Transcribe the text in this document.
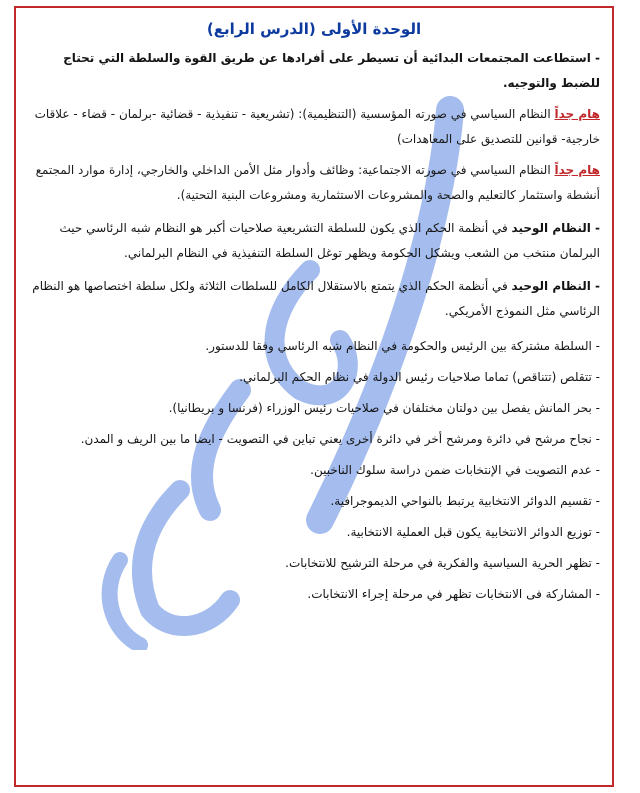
الوحدة الأولى (الدرس الرابع)

- استطاعت المجتمعات البدائية أن تسيطر على أفرادها عن طريق القوة والسلطة التي تحتاج للضبط والتوجيه.

هام جداً النظام السياسي في صورته المؤسسية (التنظيمية): (تشريعية - تنفيذية - قضائية -برلمان - قضاء - علاقات خارجية- قوانين للتصديق على المعاهدات)

هام جداً النظام السياسي في صورته الاجتماعية: وظائف وأدوار مثل الأمن الداخلي والخارجي، إدارة موارد المجتمع أنشطة واستثمار كالتعليم والصحة والمشروعات الاستثمارية ومشروعات البنية التحتية).

- النظام الوحيد في أنظمة الحكم الذي يكون للسلطة التشريعية صلاحيات أكبر هو النظام شبه الرئاسي حيث البرلمان منتخب من الشعب ويشكل الحكومة ويظهر توغل السلطة التنفيذية في النظام البرلماني.

- النظام الوحيد في أنظمة الحكم الذي يتمتع بالاستقلال الكامل للسلطات الثلاثة ولكل سلطة اختصاصها هو النظام الرئاسي مثل النموذج الأمريكي.

- السلطة مشتركة بين الرئيس والحكومة في النظام شبه الرئاسي وفقا للدستور.

- تتقلص (تتناقص) تماما صلاحيات رئيس الدولة في نظام الحكم البرلماني.

- بحر المانش يفصل بين دولتان مختلفان في صلاحيات رئيس الوزراء (فرنسا و بريطانيا).

- نجاح مرشح في دائرة ومرشح أخر في دائرة أخرى يعني تباين في التصويت - ايضا ما بين الريف و المدن.

- عدم التصويت في الإنتخابات ضمن دراسة سلوك الناخبين.

- تقسيم الدوائر الانتخابية يرتبط بالنواحي الديموجرافية.

- توزيع الدوائر الانتخابية يكون قبل العملية الانتخابية.

- تظهر الحرية السياسية والفكرية في مرحلة الترشيح للانتخابات.

- المشاركة فى الانتخابات تظهر في مرحلة إجراء الانتخابات.
